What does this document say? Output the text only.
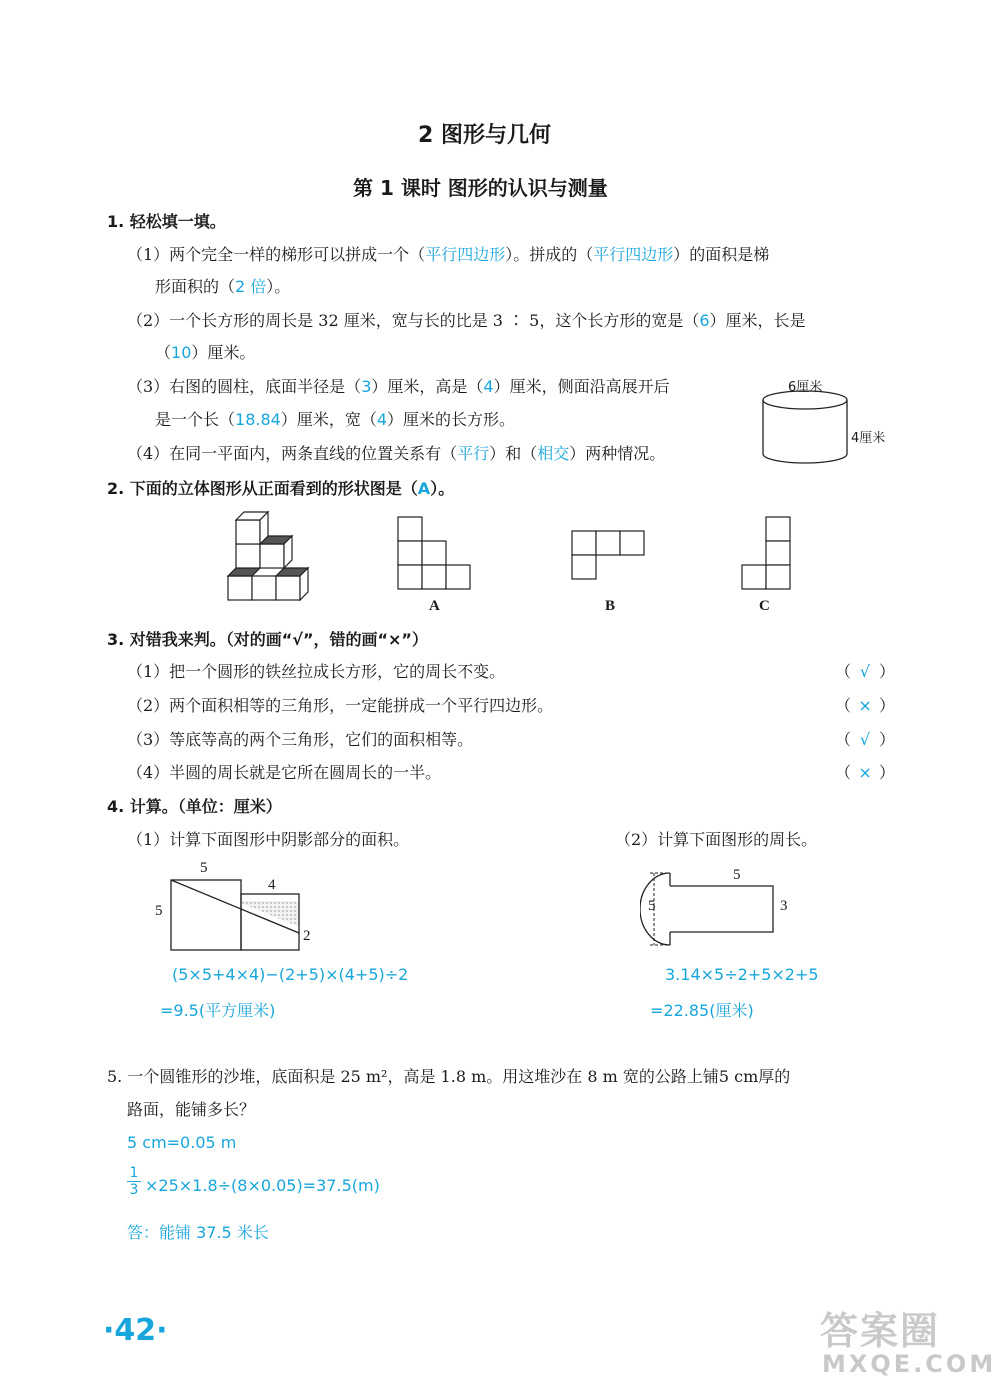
2 图形与几何
第 1 课时 图形的认识与测量
1. 轻松填一填。
（1）两个完全一样的梯形可以拼成一个（平行四边形）。拼成的（平行四边形）的面积是梯
形面积的（2 倍）。
（2）一个长方形的周长是 32 厘米，宽与长的比是 3 ∶ 5，这个长方形的宽是（6）厘米，长是
（10）厘米。
（3）右图的圆柱，底面半径是（3）厘米，高是（4）厘米，侧面沿高展开后
是一个长（18.84）厘米，宽（4）厘米的长方形。
（4）在同一平面内，两条直线的位置关系有（平行）和（相交）两种情况。
6厘米
4厘米
2. 下面的立体图形从正面看到的形状图是（A）。
A	B	C
3. 对错我来判。（对的画“√”，错的画“×”）
（1）把一个圆形的铁丝拉成长方形，它的周长不变。	（ √ ）
（2）两个面积相等的三角形，一定能拼成一个平行四边形。	（ × ）
（3）等底等高的两个三角形，它们的面积相等。	（ √ ）
（4）半圆的周长就是它所在圆周长的一半。	（ × ）
4. 计算。（单位：厘米）
（1）计算下面图形中阴影部分的面积。	（2）计算下面图形的周长。
5
4
5
2
(5×5+4×4)−(2+5)×(4+5)÷2
=9.5(平方厘米)
5
5	3
3.14×5÷2+5×2+5
=22.85(厘米)
5. 一个圆锥形的沙堆，底面积是 25 m²，高是 1.8 m。用这堆沙在 8 m 宽的公路上铺5 cm厚的
路面，能铺多长？
5 cm=0.05 m
$\frac{1}{3} \times 25\times 1.8\div(8\times 0.05)=37.5(m)$
答：能铺 37.5 米长
·42·	答案圈
MXQE.COM
